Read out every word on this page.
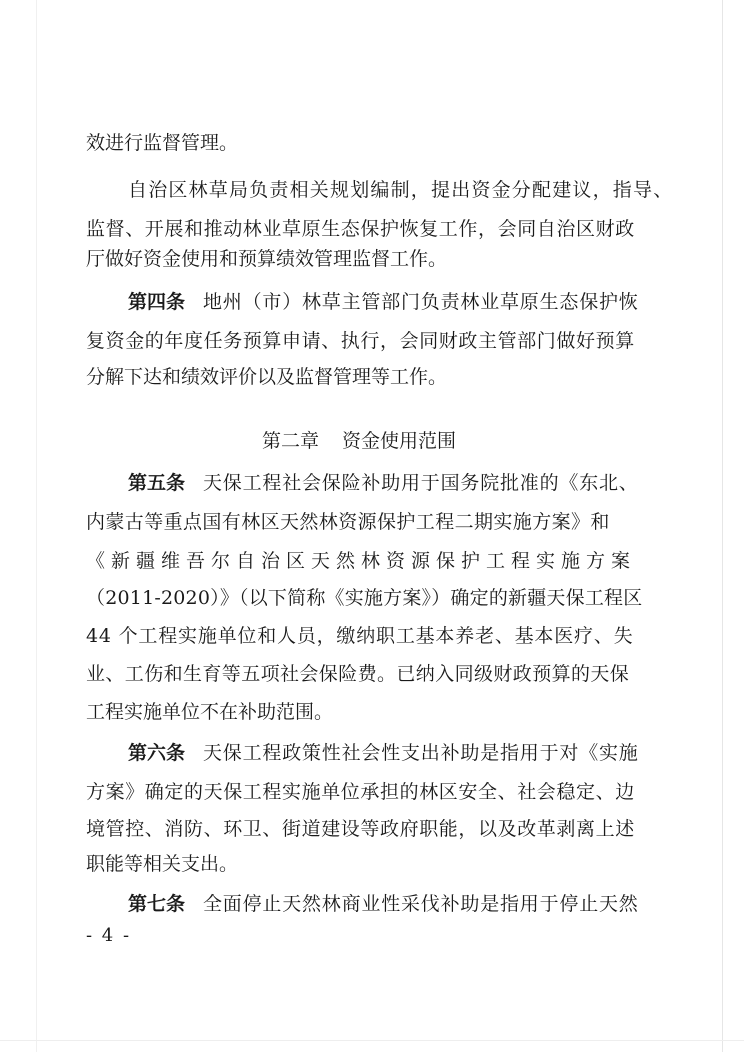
效进行监督管理。
自治区林草局负责相关规划编制，提出资金分配建议，指导、
监督、开展和推动林业草原生态保护恢复工作，会同自治区财政
厅做好资金使用和预算绩效管理监督工作。
第四条 地州（市）林草主管部门负责林业草原生态保护恢
复资金的年度任务预算申请、执行，会同财政主管部门做好预算
分解下达和绩效评价以及监督管理等工作。
第二章 资金使用范围
第五条 天保工程社会保险补助用于国务院批准的《东北、
内蒙古等重点国有林区天然林资源保护工程二期实施方案》和
《新疆维吾尔自治区天然林资源保护工程实施方案
（2011-2020）》（以下简称《实施方案》）确定的新疆天保工程区
44 个工程实施单位和人员，缴纳职工基本养老、基本医疗、失
业、工伤和生育等五项社会保险费。已纳入同级财政预算的天保
工程实施单位不在补助范围。
第六条 天保工程政策性社会性支出补助是指用于对《实施
方案》确定的天保工程实施单位承担的林区安全、社会稳定、边
境管控、消防、环卫、街道建设等政府职能，以及改革剥离上述
职能等相关支出。
第七条 全面停止天然林商业性采伐补助是指用于停止天然
- 4 -
